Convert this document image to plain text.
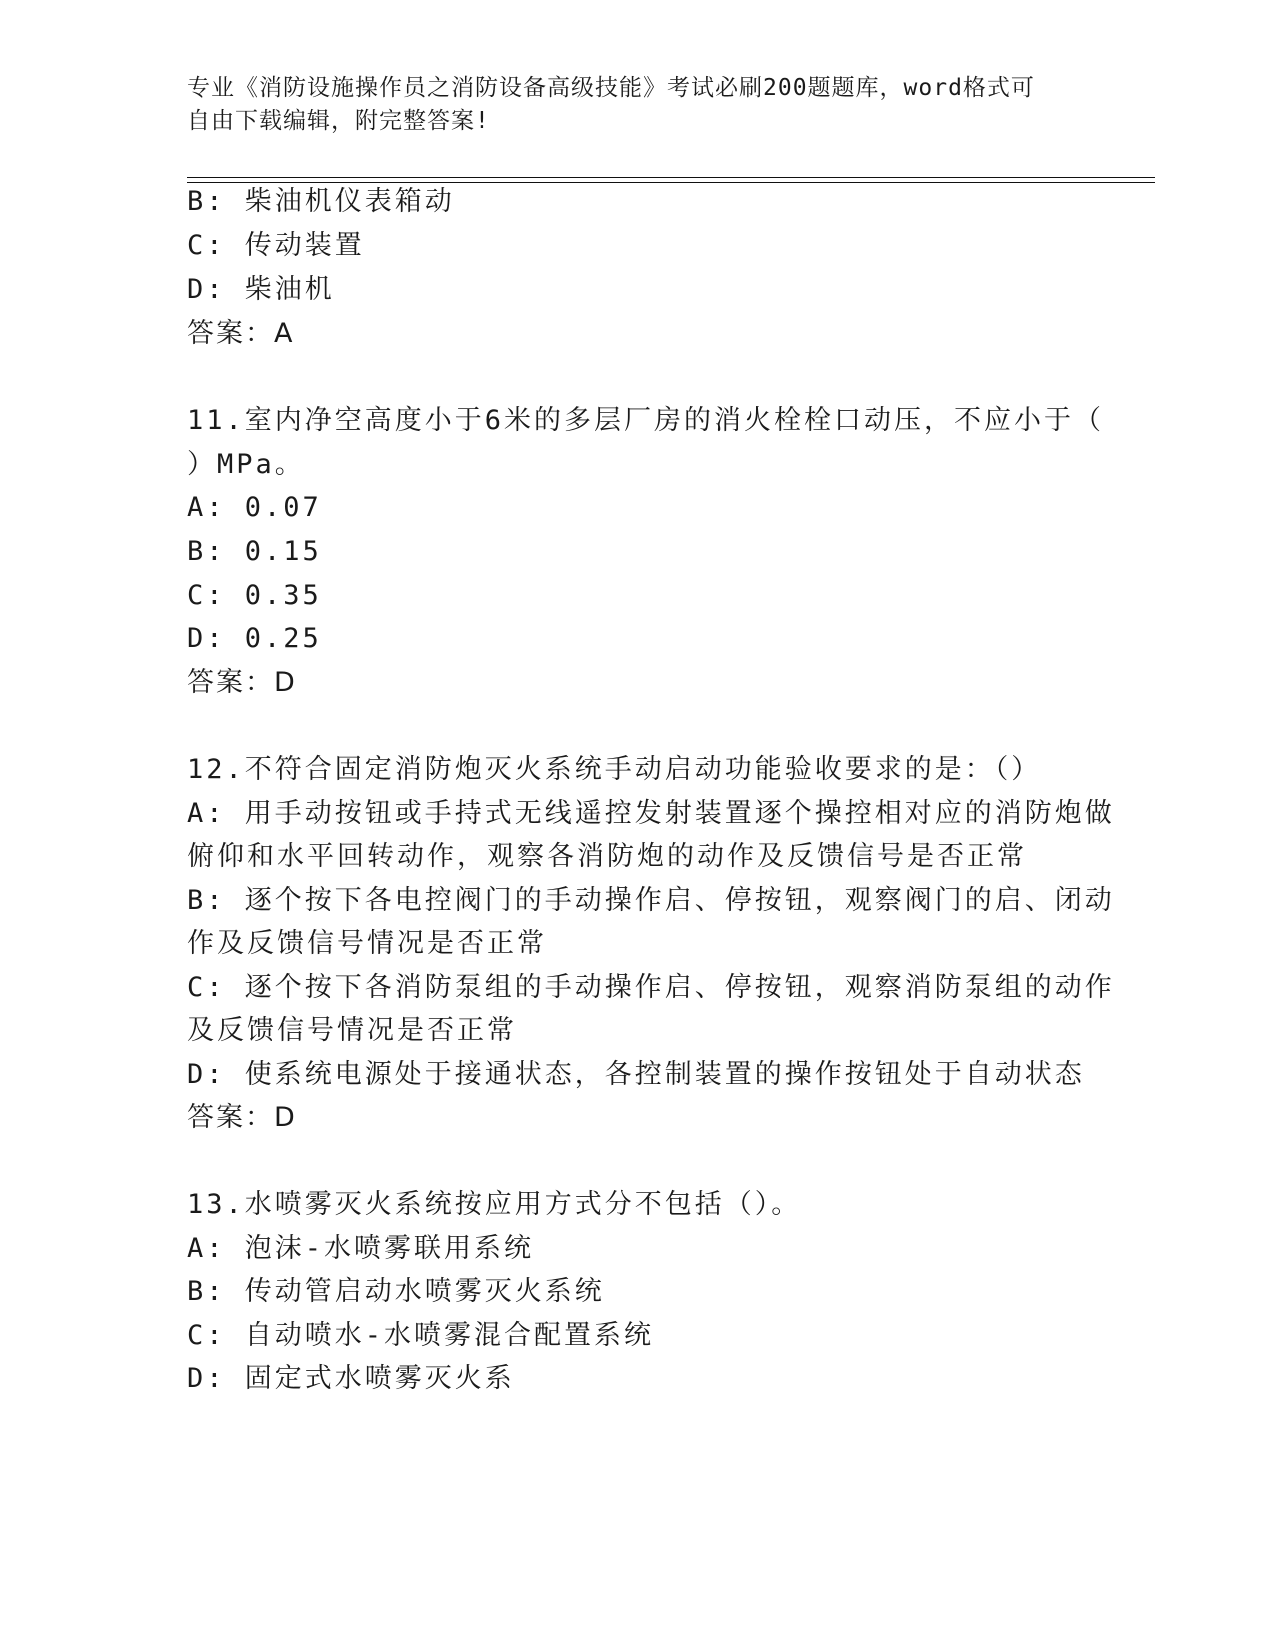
专业《消防设施操作员之消防设备高级技能》考试必刷200题题库，word格式可
自由下载编辑，附完整答案!
B: 柴油机仪表箱动
C: 传动装置
D: 柴油机
答案：A
11.室内净空高度小于6米的多层厂房的消火栓栓口动压，不应小于（
）MPa。
A: 0.07
B: 0.15
C: 0.35
D: 0.25
答案：D
12.不符合固定消防炮灭火系统手动启动功能验收要求的是：（）
A: 用手动按钮或手持式无线遥控发射装置逐个操控相对应的消防炮做
俯仰和水平回转动作，观察各消防炮的动作及反馈信号是否正常
B: 逐个按下各电控阀门的手动操作启、停按钮，观察阀门的启、闭动
作及反馈信号情况是否正常
C: 逐个按下各消防泵组的手动操作启、停按钮，观察消防泵组的动作
及反馈信号情况是否正常
D: 使系统电源处于接通状态，各控制装置的操作按钮处于自动状态
答案：D
13.水喷雾灭火系统按应用方式分不包括（）。
A: 泡沫-水喷雾联用系统
B: 传动管启动水喷雾灭火系统
C: 自动喷水-水喷雾混合配置系统
D: 固定式水喷雾灭火系
